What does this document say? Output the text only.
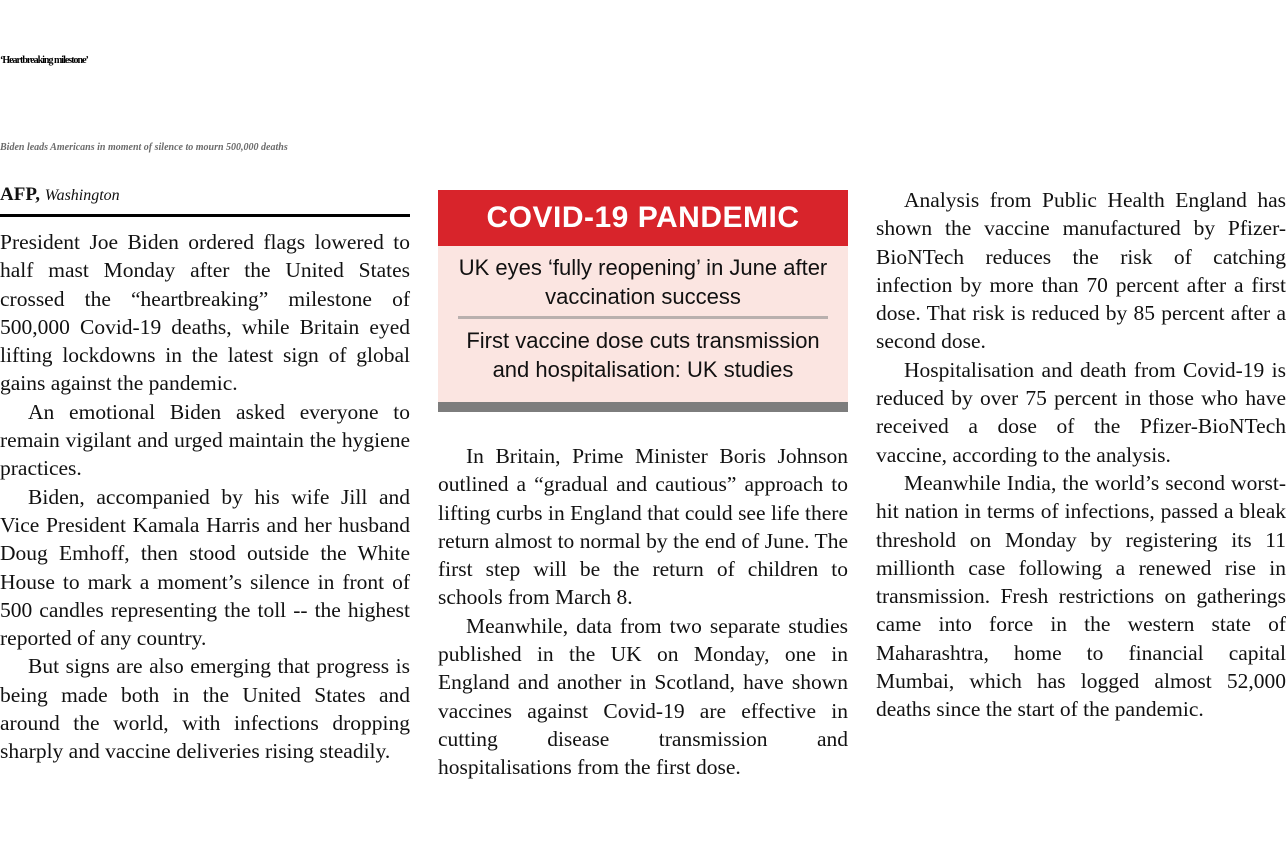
‘Heartbreaking milestone’
Biden leads Americans in moment of silence to mourn 500,000 deaths
AFP, Washington

President Joe Biden ordered flags lowered to half mast Monday after the United States crossed the “heartbreaking” milestone of 500,000 Covid-19 deaths, while Britain eyed lifting lockdowns in the latest sign of global gains against the pandemic.

An emotional Biden asked everyone to remain vigilant and urged maintain the hygiene practices.

Biden, accompanied by his wife Jill and Vice President Kamala Harris and her husband Doug Emhoff, then stood outside the White House to mark a moment’s silence in front of 500 candles representing the toll -- the highest reported of any country.

But signs are also emerging that progress is being made both in the United States and around the world, with infections dropping sharply and vaccine deliveries rising steadily.

COVID-19 PANDEMIC
UK eyes ‘fully reopening’ in June after vaccination success
First vaccine dose cuts transmission and hospitalisation: UK studies

In Britain, Prime Minister Boris Johnson outlined a “gradual and cautious” approach to lifting curbs in England that could see life there return almost to normal by the end of June. The first step will be the return of children to schools from March 8.

Meanwhile, data from two separate studies published in the UK on Monday, one in England and another in Scotland, have shown vaccines against Covid-19 are effective in cutting disease transmission and hospitalisations from the first dose.

Analysis from Public Health England has shown the vaccine manufactured by Pfizer-BioNTech reduces the risk of catching infection by more than 70 percent after a first dose. That risk is reduced by 85 percent after a second dose.

Hospitalisation and death from Covid-19 is reduced by over 75 percent in those who have received a dose of the Pfizer-BioNTech vaccine, according to the analysis.

Meanwhile India, the world’s second worst-hit nation in terms of infections, passed a bleak threshold on Monday by registering its 11 millionth case following a renewed rise in transmission. Fresh restrictions on gatherings came into force in the western state of Maharashtra, home to financial capital Mumbai, which has logged almost 52,000 deaths since the start of the pandemic.
